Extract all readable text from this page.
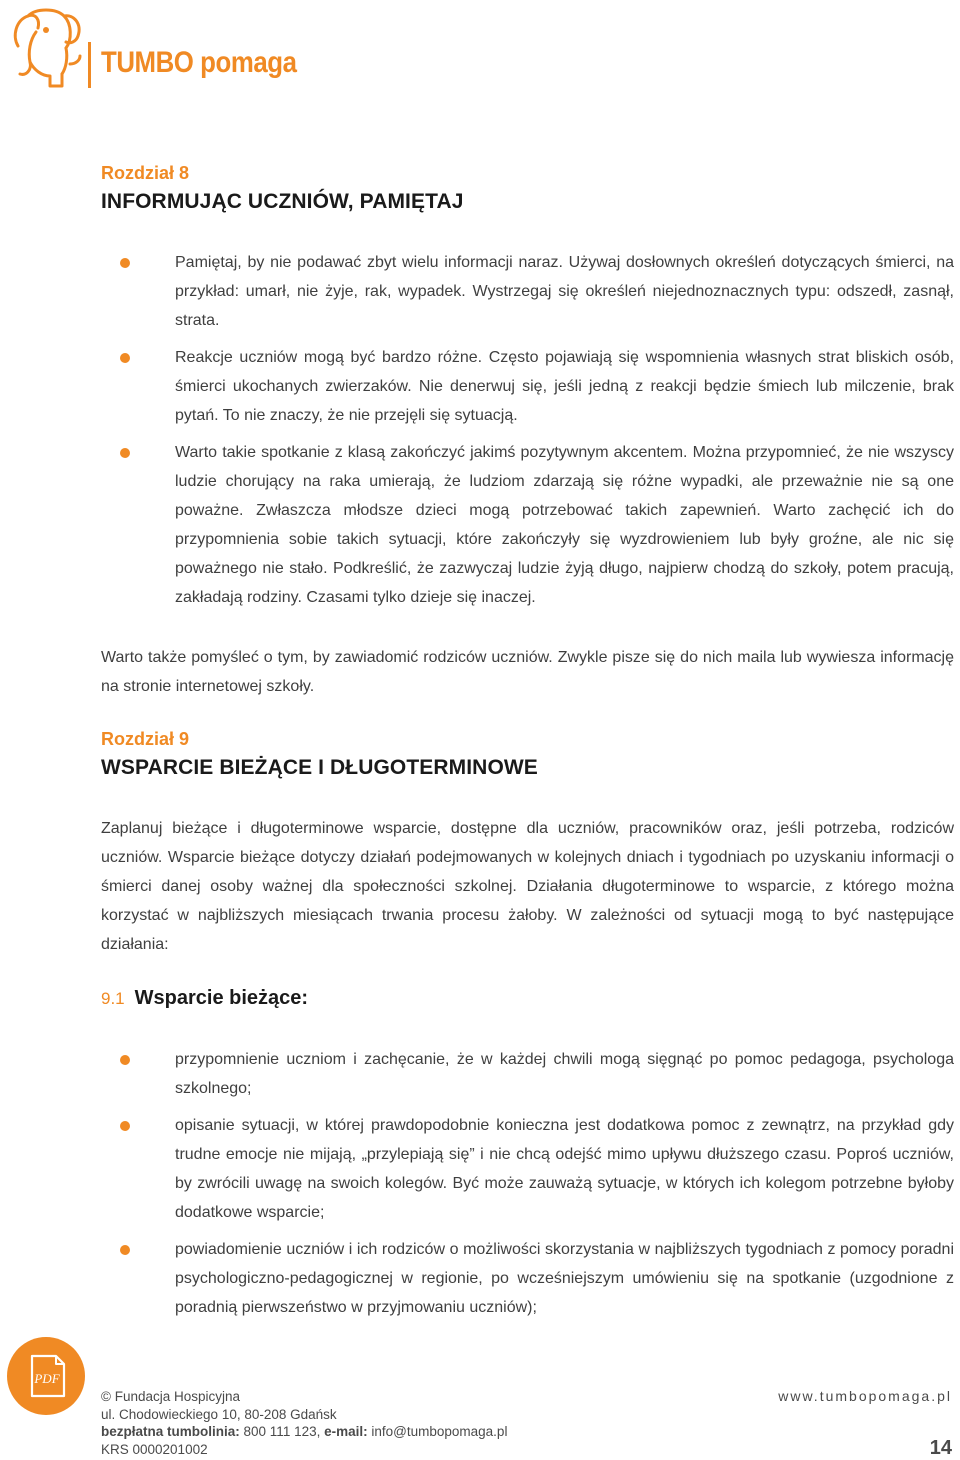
TUMBO pomaga
Rozdział 8
INFORMUJĄC UCZNIÓW, PAMIĘTAJ
Pamiętaj, by nie podawać zbyt wielu informacji naraz. Używaj dosłownych określeń dotyczących śmierci, na przykład: umarł, nie żyje, rak, wypadek. Wystrzegaj się określeń niejednoznacznych typu: odszedł, zasnął, strata.
Reakcje uczniów mogą być bardzo różne. Często pojawiają się wspomnienia własnych strat bliskich osób, śmierci ukochanych zwierzaków. Nie denerwuj się, jeśli jedną z reakcji będzie śmiech lub milczenie, brak pytań. To nie znaczy, że nie przejęli się sytuacją.
Warto takie spotkanie z klasą zakończyć jakimś pozytywnym akcentem. Można przypomnieć, że nie wszyscy ludzie chorujący na raka umierają, że ludziom zdarzają się różne wypadki, ale przeważnie nie są one poważne. Zwłaszcza młodsze dzieci mogą potrzebować takich zapewnień. Warto zachęcić ich do przypomnienia sobie takich sytuacji, które zakończyły się wyzdrowieniem lub były groźne, ale nic się poważnego nie stało. Podkreślić, że zazwyczaj ludzie żyją długo, najpierw chodzą do szkoły, potem pracują, zakładają rodziny. Czasami tylko dzieje się inaczej.

Warto także pomyśleć o tym, by zawiadomić rodziców uczniów. Zwykle pisze się do nich maila lub wywiesza informację na stronie internetowej szkoły.

Rozdział 9
WSPARCIE BIEŻĄCE I DŁUGOTERMINOWE

Zaplanuj bieżące i długoterminowe wsparcie, dostępne dla uczniów, pracowników oraz, jeśli potrzeba, rodziców uczniów. Wsparcie bieżące dotyczy działań podejmowanych w kolejnych dniach i tygodniach po uzyskaniu informacji o śmierci danej osoby ważnej dla społeczności szkolnej. Działania długoterminowe to wsparcie, z którego można korzystać w najbliższych miesiącach trwania procesu żałoby. W zależności od sytuacji mogą to być następujące działania:

9.1 Wsparcie bieżące:
przypomnienie uczniom i zachęcanie, że w każdej chwili mogą sięgnąć po pomoc pedagoga, psychologa szkolnego;
opisanie sytuacji, w której prawdopodobnie konieczna jest dodatkowa pomoc z zewnątrz, na przykład gdy trudne emocje nie mijają, „przylepiają się” i nie chcą odejść mimo upływu dłuższego czasu. Poproś uczniów, by zwrócili uwagę na swoich kolegów. Być może zauważą sytuacje, w których ich kolegom potrzebne byłoby dodatkowe wsparcie;
powiadomienie uczniów i ich rodziców o możliwości skorzystania w najbliższych tygodniach z pomocy poradni psychologiczno-pedagogicznej w regionie, po wcześniejszym umówieniu się na spotkanie (uzgodnione z poradnią pierwszeństwo w przyjmowaniu uczniów);
PDF
© Fundacja Hospicyjna
ul. Chodowieckiego 10, 80-208 Gdańsk
bezpłatna tumbolinia: 800 111 123, e-mail: info@tumbopomaga.pl
KRS 0000201002
www.tumbopomaga.pl
14
